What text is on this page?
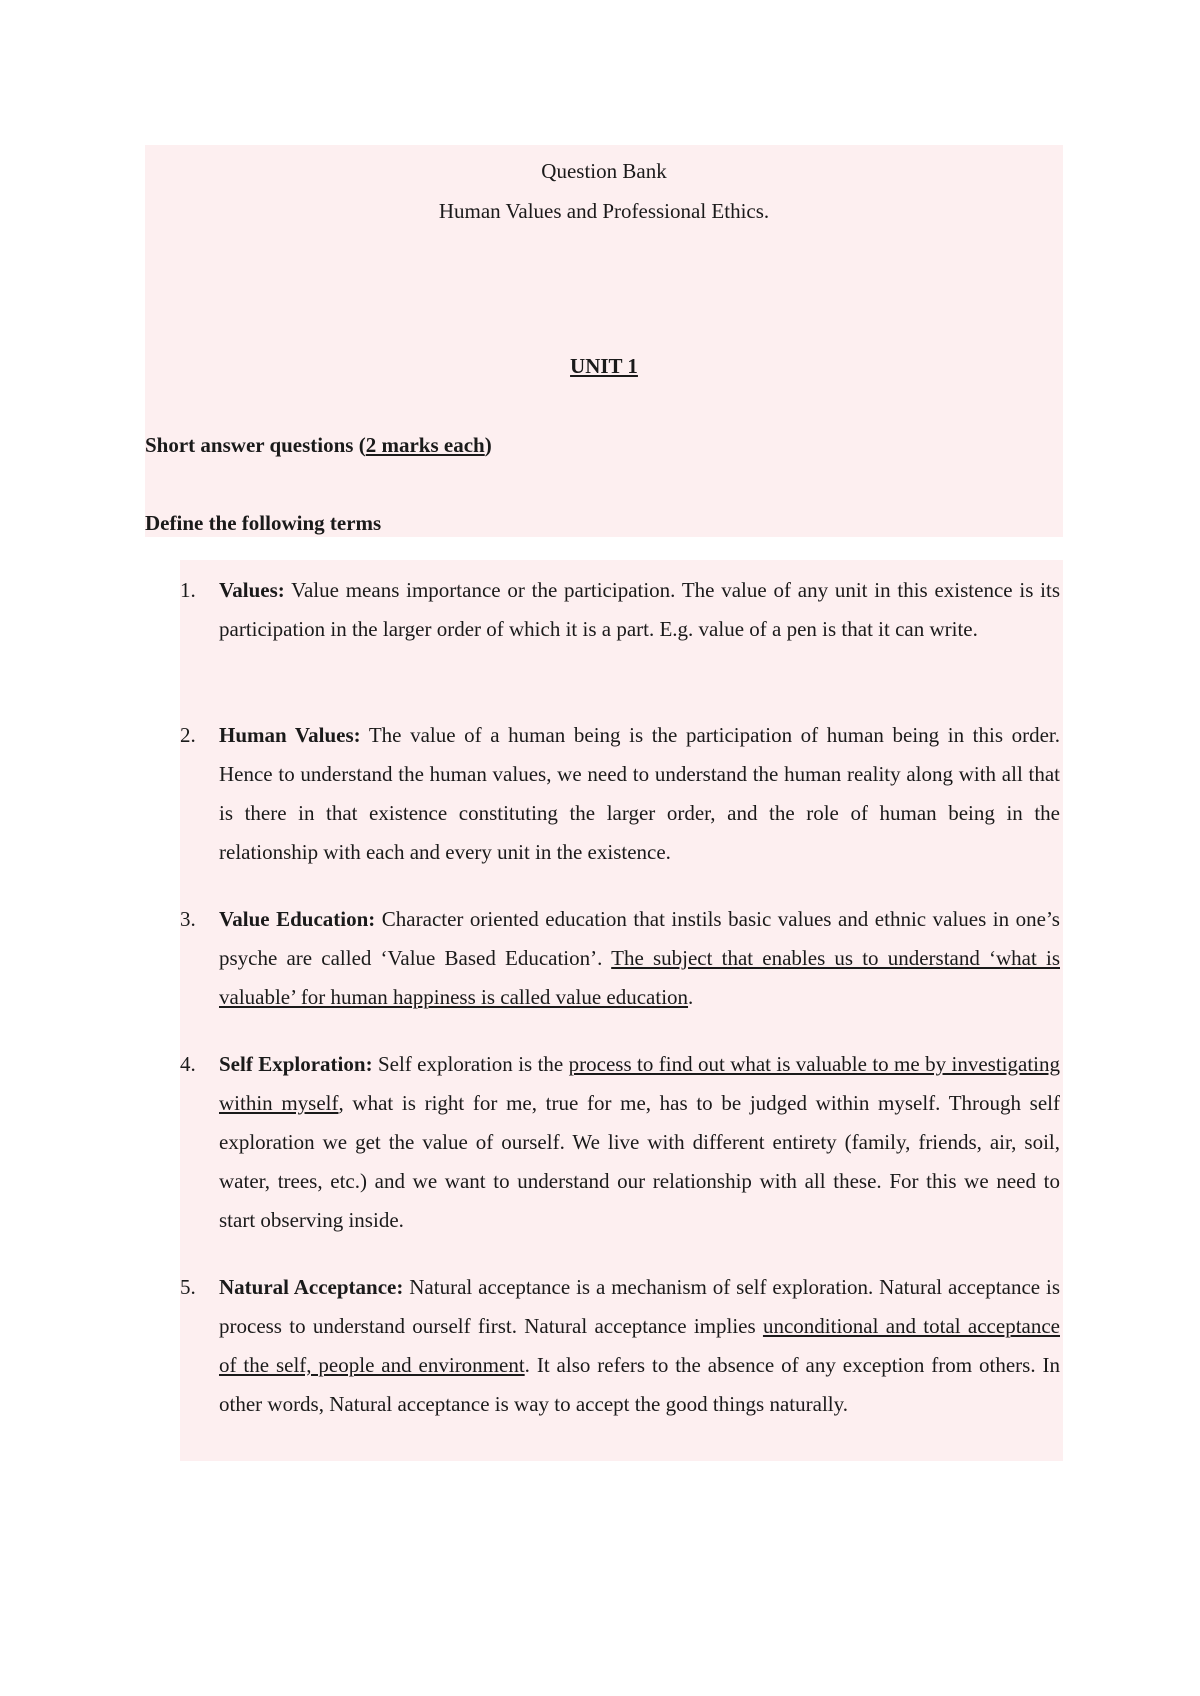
Question Bank

Human Values and Professional Ethics.

UNIT 1

Short answer questions (2 marks each)

Define the following terms

1.	Values: Value means importance or the participation. The value of any unit in this existence is its participation in the larger order of which it is a part. E.g. value of a pen is that it can write.
2.	Human Values: The value of a human being is the participation of human being in this order. Hence to understand the human values, we need to understand the human reality along with all that is there in that existence constituting the larger order, and the role of human being in the relationship with each and every unit in the existence.
3.	Value Education: Character oriented education that instils basic values and ethnic values in one’s psyche are called ‘Value Based Education’. The subject that enables us to understand ‘what is valuable’ for human happiness is called value education.
4.	Self Exploration: Self exploration is the process to find out what is valuable to me by investigating within myself, what is right for me, true for me, has to be judged within myself. Through self exploration we get the value of ourself. We live with different entirety (family, friends, air, soil, water, trees, etc.) and we want to understand our relationship with all these. For this we need to start observing inside.
5.	Natural Acceptance: Natural acceptance is a mechanism of self exploration. Natural acceptance is process to understand ourself first. Natural acceptance implies unconditional and total acceptance of the self, people and environment. It also refers to the absence of any exception from others. In other words, Natural acceptance is way to accept the good things naturally.
